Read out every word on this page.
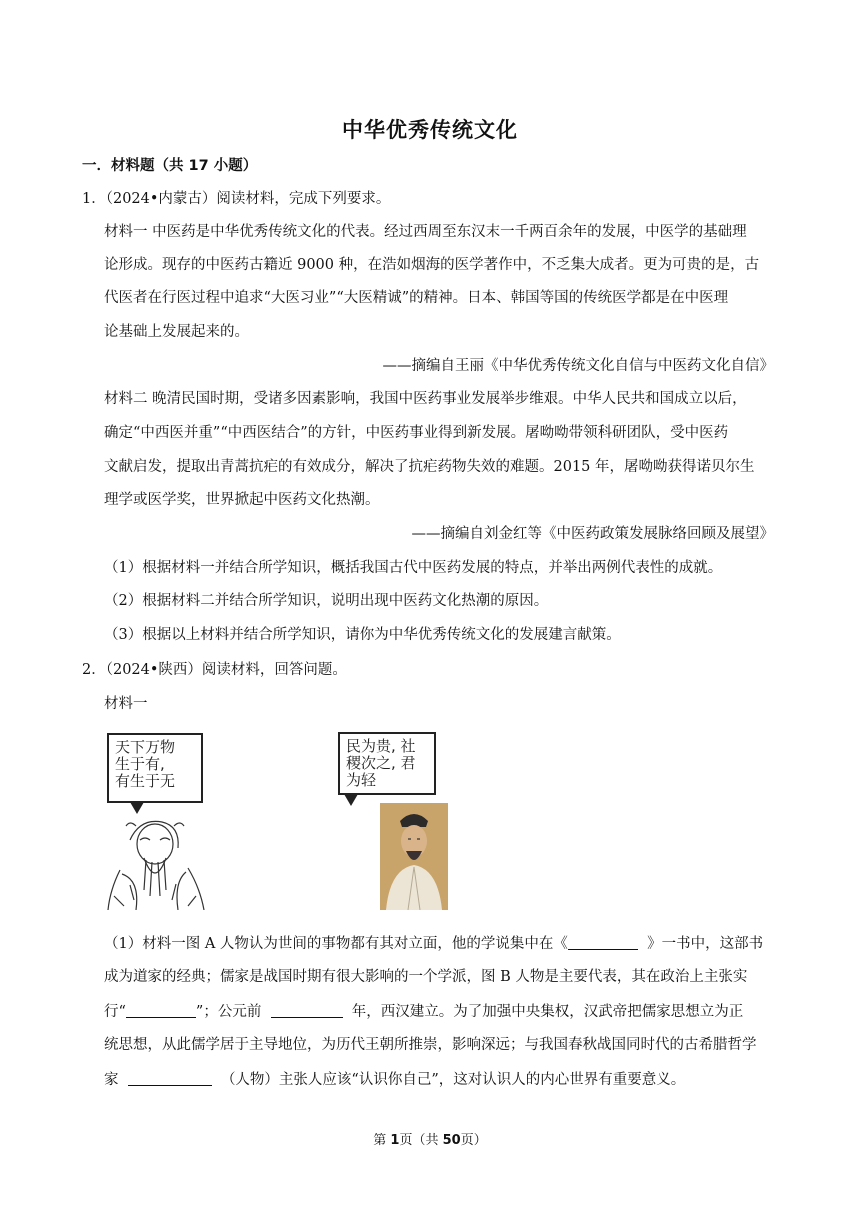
中华优秀传统文化
一．材料题（共 17 小题）
1．（2024•内蒙古）阅读材料，完成下列要求。
材料一 中医药是中华优秀传统文化的代表。经过西周至东汉末一千两百余年的发展，中医学的基础理
论形成。现存的中医药古籍近 9000 种，在浩如烟海的医学著作中，不乏集大成者。更为可贵的是，古
代医者在行医过程中追求“大医习业”“大医精诚”的精神。日本、韩国等国的传统医学都是在中医理
论基础上发展起来的。
——摘编自王丽《中华优秀传统文化自信与中医药文化自信》
材料二 晚清民国时期，受诸多因素影响，我国中医药事业发展举步维艰。中华人民共和国成立以后，
确定“中西医并重”“中西医结合”的方针，中医药事业得到新发展。屠呦呦带领科研团队，受中医药
文献启发，提取出青蒿抗疟的有效成分，解决了抗疟药物失效的难题。2015 年，屠呦呦获得诺贝尔生
理学或医学奖，世界掀起中医药文化热潮。
——摘编自刘金红等《中医药政策发展脉络回顾及展望》
（1）根据材料一并结合所学知识，概括我国古代中医药发展的特点，并举出两例代表性的成就。
（2）根据材料二并结合所学知识，说明出现中医药文化热潮的原因。
（3）根据以上材料并结合所学知识，请你为中华优秀传统文化的发展建言献策。
2．（2024•陕西）阅读材料，回答问题。
材料一
天下万物
生于有,
有生于无
民为贵, 社
稷次之, 君
为轻
（1）材料一图 A 人物认为世间的事物都有其对立面，他的学说集中在《	》一书中，这部书
成为道家的经典；儒家是战国时期有很大影响的一个学派，图 B 人物是主要代表，其在政治上主张实
行“	”；公元前	年，西汉建立。为了加强中央集权，汉武帝把儒家思想立为正
统思想，从此儒学居于主导地位，为历代王朝所推崇，影响深远；与我国春秋战国同时代的古希腊哲学
家	（人物）主张人应该“认识你自己”，这对认识人的内心世界有重要意义。
第 1页（共 50页）
